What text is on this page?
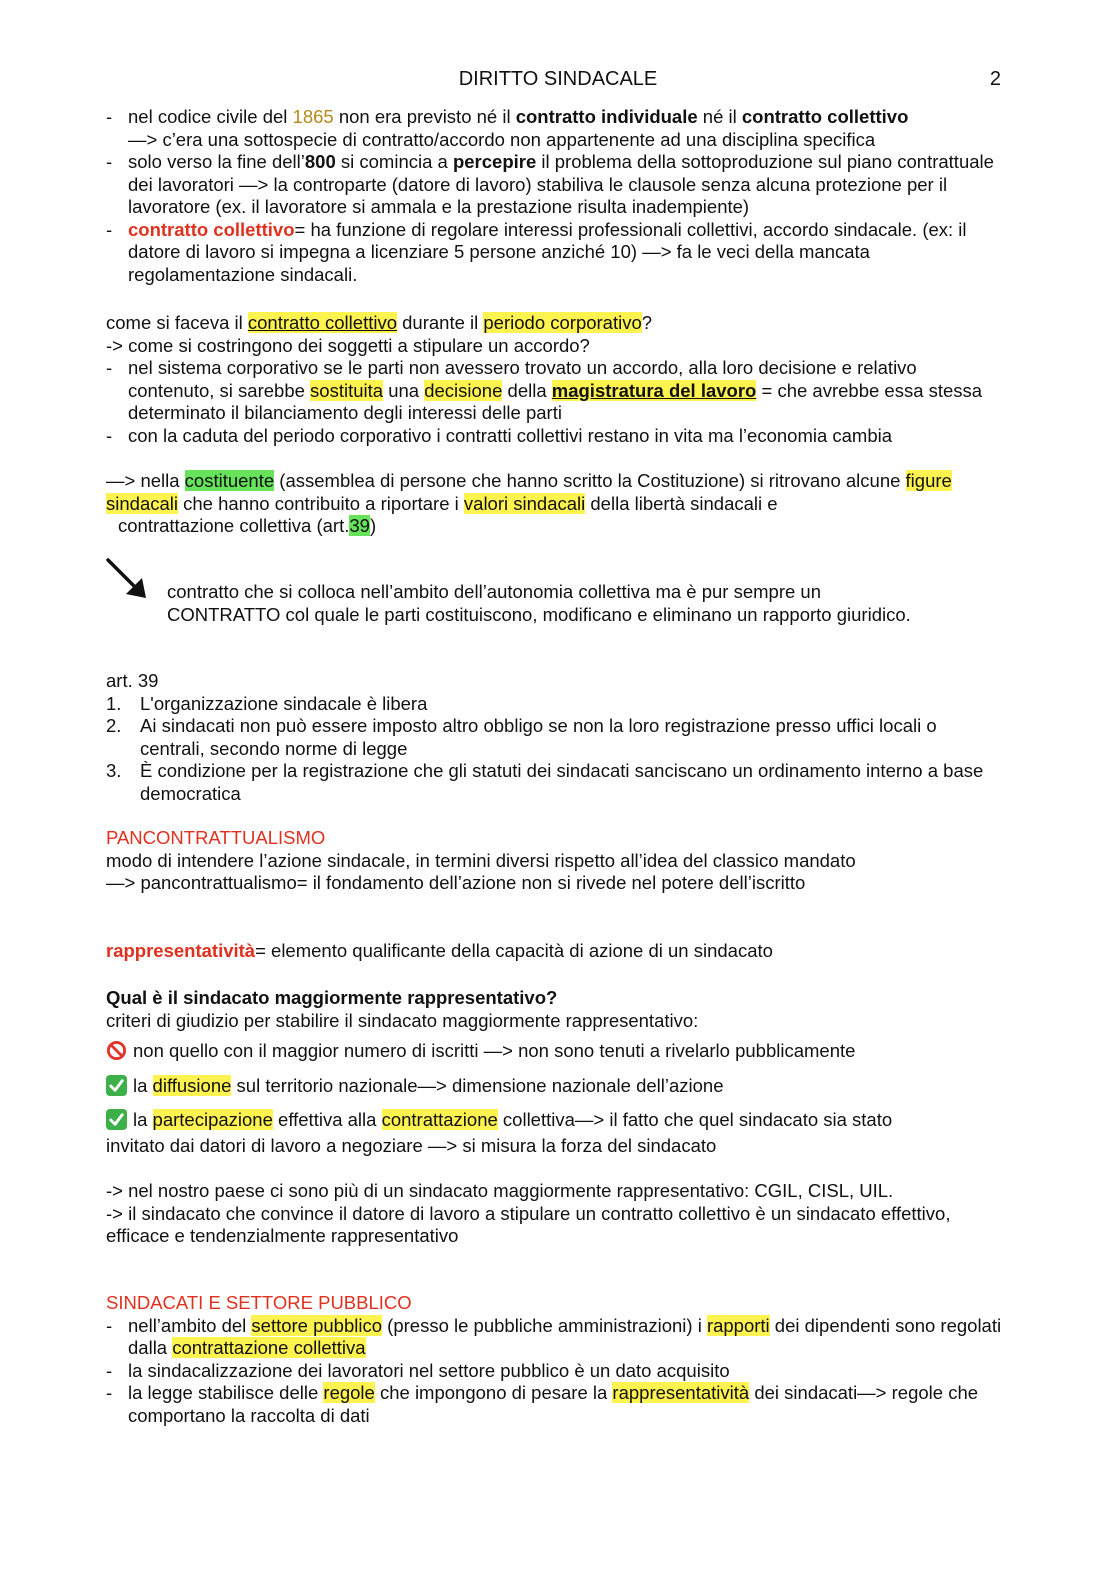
DIRITTO SINDACALE	2
- nel codice civile del 1865 non era previsto né il contratto individuale né il contratto collettivo
—> c’era una sottospecie di contratto/accordo non appartenente ad una disciplina specifica
- solo verso la fine dell’800 si comincia a percepire il problema della sottoproduzione sul piano contrattuale dei lavoratori —> la controparte (datore di lavoro) stabiliva le clausole senza alcuna protezione per il lavoratore (ex. il lavoratore si ammala e la prestazione risulta inadempiente)
- contratto collettivo= ha funzione di regolare interessi professionali collettivi, accordo sindacale. (ex: il datore di lavoro si impegna a licenziare 5 persone anziché 10) —> fa le veci della mancata regolamentazione sindacali.
come si faceva il contratto collettivo durante il periodo corporativo?
-> come si costringono dei soggetti a stipulare un accordo?
- nel sistema corporativo se le parti non avessero trovato un accordo, alla loro decisione e relativo contenuto, si sarebbe sostituita una decisione della magistratura del lavoro = che avrebbe essa stessa determinato il bilanciamento degli interessi delle parti
- con la caduta del periodo corporativo i contratti collettivi restano in vita ma l’economia cambia
—> nella costituente (assemblea di persone che hanno scritto la Costituzione) si ritrovano alcune figure sindacali che hanno contribuito a riportare i valori sindacali della libertà sindacali e
contrattazione collettiva (art.39)
contratto che si colloca nell’ambito dell’autonomia collettiva ma è pur sempre un
CONTRATTO col quale le parti costituiscono, modificano e eliminano un rapporto giuridico.
art. 39
1. L'organizzazione sindacale è libera
2. Ai sindacati non può essere imposto altro obbligo se non la loro registrazione presso uffici locali o centrali, secondo norme di legge
3. È condizione per la registrazione che gli statuti dei sindacati sanciscano un ordinamento interno a base democratica
PANCONTRATTUALISMO
modo di intendere l’azione sindacale, in termini diversi rispetto all’idea del classico mandato
—> pancontrattualismo= il fondamento dell’azione non si rivede nel potere dell’iscritto
rappresentatività= elemento qualificante della capacità di azione di un sindacato
Qual è il sindacato maggiormente rappresentativo?
criteri di giudizio per stabilire il sindacato maggiormente rappresentativo:
non quello con il maggior numero di iscritti —> non sono tenuti a rivelarlo pubblicamente
la diffusione sul territorio nazionale—> dimensione nazionale dell’azione
la partecipazione effettiva alla contrattazione collettiva—> il fatto che quel sindacato sia stato
invitato dai datori di lavoro a negoziare —> si misura la forza del sindacato
-> nel nostro paese ci sono più di un sindacato maggiormente rappresentativo: CGIL, CISL, UIL.
-> il sindacato che convince il datore di lavoro a stipulare un contratto collettivo è un sindacato effettivo, efficace e tendenzialmente rappresentativo
SINDACATI E SETTORE PUBBLICO
- nell’ambito del settore pubblico (presso le pubbliche amministrazioni) i rapporti dei dipendenti sono regolati dalla contrattazione collettiva
- la sindacalizzazione dei lavoratori nel settore pubblico è un dato acquisito
- la legge stabilisce delle regole che impongono di pesare la rappresentatività dei sindacati—> regole che comportano la raccolta di dati
